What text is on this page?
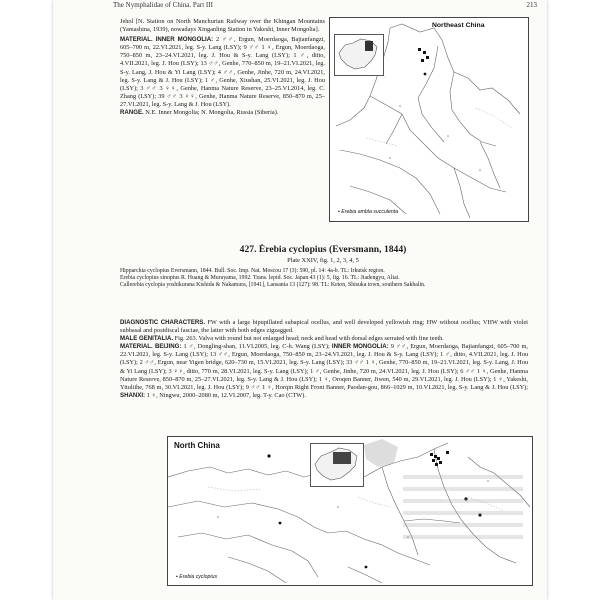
The Nymphalidae of China. Part III	213

Jehol [N. Station on North Manchurian Railway over the Khingan Mountains (Yamashina, 1939), nowadays Xinganling Station in Yakeshi, Inner Mongolia].

MATERIAL. INNER MONGOLIA: 2 ♂♂, Ergun, Moerdaoga, Bajianfangzi, 605–700 m, 22.VI.2021, leg. S-y. Lang (LSY); 9 ♂♂ 1 ♀, Ergun, Moerdaoga, 750–850 m, 23–24.VI.2021, leg. J. Hou & S-y. Lang (LSY); 1 ♂, ditto, 4.VII.2021, leg. J. Hou (LSY); 13 ♂♂, Genhe, 770–850 m, 19–21.VI.2021, leg. S-y. Lang, J. Hou & Yi Lang (LSY); 4 ♂♂, Genhe, Jinhe, 720 m, 24.VI.2021, leg. S-y. Lang & J. Hou (LSY); 1 ♂, Genhe, Xiushan, 25.VI.2021, leg. J. Hou (LSY); 3 ♂♂ 3 ♀♀, Genhe, Hanma Nature Reserve, 23–25.VI.2014, leg. C. Zhang (LSY); 39 ♂♂ 3 ♀♀, Genhe, Hanma Nature Reserve, 850–870 m, 25–27.VI.2021, leg. S-y. Lang & J. Hou (LSY).

RANGE. N.E. Inner Mongolia; N. Mongolia, Russia (Siberia).

Northeast China
▪ Erebia ambla succulenta
427. Ėrebia cyclopius (Eversmann, 1844)
Plate XXIV, fig. 1, 2, 3, 4, 5

Hipparchia cyclopius Eversmann, 1844. Bull. Soc. Imp. Nat. Moscou 17 (3): 590, pl. 14: 4a-b. TL: Irkutsk region.

Erebia cyclopius sinopius R. Huang & Murayama, 1992. Trans. lepid. Soc. Japan 43 (1): 5, fig. 16. TL: Jiadengyu, Altai.

Callerebia cyclopia yoshikurana Kishida & Nakamura, [1941], Lansania 13 (127): 98. TL: Keton, Shisuka town, southern Sakhalin.

DIAGNOSTIC CHARACTERS. FW with a large bipupillated subapical ocellus, and well developed yellowish ring; HW without ocellus; VHW with violet subbasal and postdiscal fasciae, the latter with both edges zigzagged.

MALE GENITALIA. Fig. 263. Valva with round but not enlarged head; neck and head with dorsal edges serrated with fine teeth.

MATERIAL. BEIJING: 1 ♂, Dongling-shan, 11.VI.2005, leg. C-h. Wang (LSY); INNER MONGOLIA: 9 ♂♂, Ergun, Moerdaoga, Bajianfangzi, 605–700 m, 22.VI.2021, leg. S-y. Lang (LSY); 13 ♂♂, Ergun, Moerdaoga, 750–850 m, 23–24.VI.2021, leg. J. Hou & S-y. Lang (LSY); 1 ♂, ditto, 4.VII.2021, leg. J. Hou (LSY); 2 ♂♂, Ergun, near Yigen bridge, 620–730 m, 15.VI.2021, leg. S-y. Lang (LSY); 33 ♂♂ 1 ♀, Genhe, 770–850 m, 19–21.VI.2021, leg. S-y. Lang, J. Hou & Yi Lang (LSY); 3 ♀♀, ditto, 770 m, 28.VI.2021, leg. S-y. Lang (LSY); 1 ♂, Genhe, Jinhe, 720 m, 24.VI.2021, leg. J. Hou (LSY); 6 ♂♂ 1 ♀, Genhe, Hanma Nature Reserve, 850–870 m, 25–27.VI.2021, leg. S-y. Lang & J. Hou (LSY); 1 ♀, Oroqen Banner, Jiwen, 540 m, 29.VI.2021, leg. J. Hou (LSY); 1 ♀, Yakeshi, Yituliihe, 768 m, 30.VI.2021, leg. J. Hou (LSY); 9 ♂♂ 1 ♀, Horqin Right Front Banner, Paodan-gou, 866–1029 m, 10.VI.2021, leg. S-y. Lang & J. Hou (LSY); SHANXI: 1 ♀, Ningwu, 2000–2080 m, 12.VI.2007, leg. T-y. Cao (CTW).

North China
▪ Erebia cyclopius
